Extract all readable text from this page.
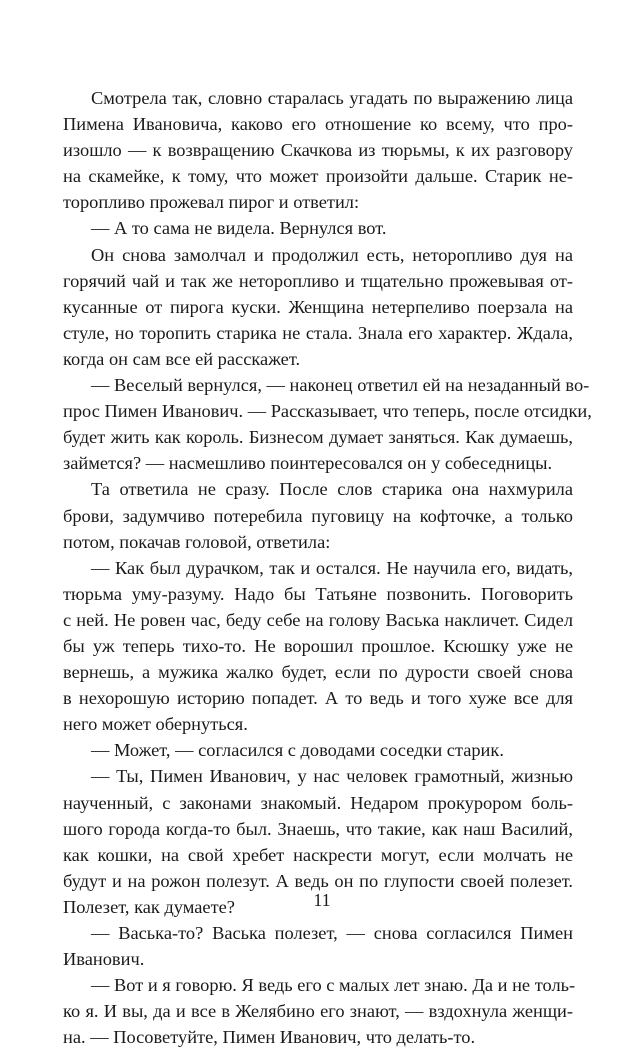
Смотрела так, словно старалась угадать по выражению лица
Пимена Ивановича, каково его отношение ко всему, что про-
изошло — к возвращению Скачкова из тюрьмы, к их разговору
на скамейке, к тому, что может произойти дальше. Старик не-
торопливо прожевал пирог и ответил:
— А то сама не видела. Вернулся вот.
Он снова замолчал и продолжил есть, неторопливо дуя на
горячий чай и так же неторопливо и тщательно прожевывая от-
кусанные от пирога куски. Женщина нетерпеливо поерзала на
стуле, но торопить старика не стала. Знала его характер. Ждала,
когда он сам все ей расскажет.
— Веселый вернулся, — наконец ответил ей на незаданный во-
прос Пимен Иванович. — Рассказывает, что теперь, после отсидки,
будет жить как король. Бизнесом думает заняться. Как думаешь,
займется? — насмешливо поинтересовался он у собеседницы.
Та ответила не сразу. После слов старика она нахмурила
брови, задумчиво потеребила пуговицу на кофточке, а только
потом, покачав головой, ответила:
— Как был дурачком, так и остался. Не научила его, видать,
тюрьма уму-разуму. Надо бы Татьяне позвонить. Поговорить
с ней. Не ровен час, беду себе на голову Васька накличет. Сидел
бы уж теперь тихо-то. Не ворошил прошлое. Ксюшку уже не
вернешь, а мужика жалко будет, если по дурости своей снова
в нехорошую историю попадет. А то ведь и того хуже все для
него может обернуться.
— Может, — согласился с доводами соседки старик.
— Ты, Пимен Иванович, у нас человек грамотный, жизнью
наученный, с законами знакомый. Недаром прокурором боль-
шого города когда-то был. Знаешь, что такие, как наш Василий,
как кошки, на свой хребет наскрести могут, если молчать не
будут и на рожон полезут. А ведь он по глупости своей полезет.
Полезет, как думаете?
— Васька-то? Васька полезет, — снова согласился Пимен
Иванович.
— Вот и я говорю. Я ведь его с малых лет знаю. Да и не толь-
ко я. И вы, да и все в Желябино его знают, — вздохнула женщи-
на. — Посоветуйте, Пимен Иванович, что делать-то.
11
